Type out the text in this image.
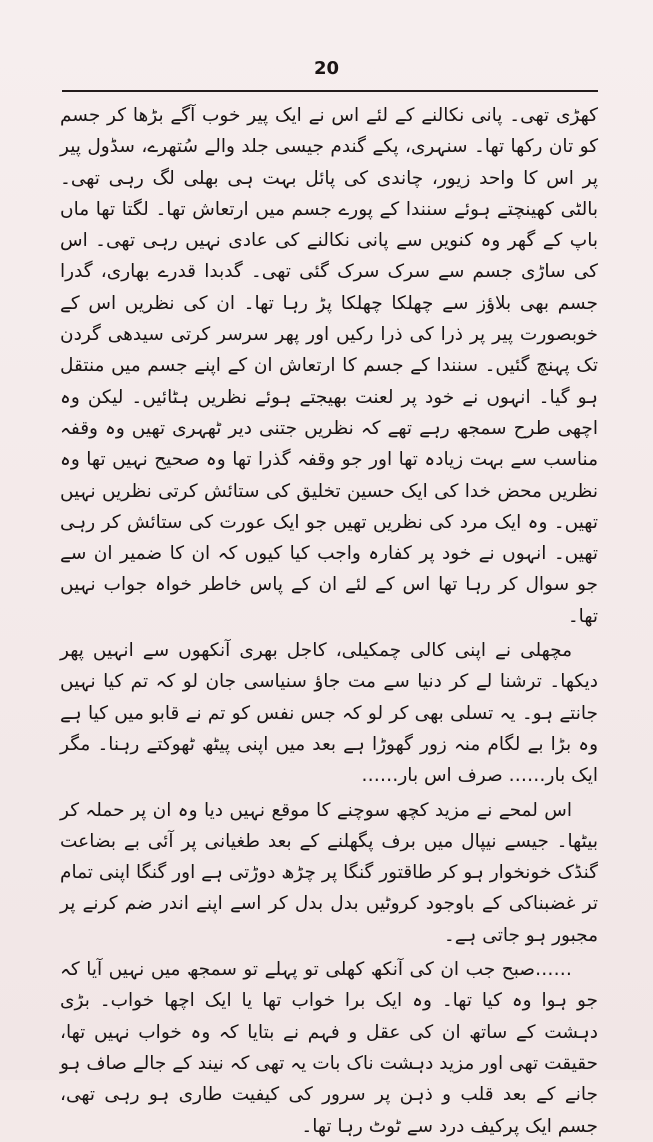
20

کھڑی تھی۔ پانی نکالنے کے لئے اس نے ایک پیر خوب آگے بڑھا کر جسم کو تان رکھا تھا۔ سنہری، پکے گندم جیسی جلد والے سُتھرے، سڈول پیر پر اس کا واحد زیور، چاندی کی پائل بہت ہی بھلی لگ رہی تھی۔ بالٹی کھینچتے ہوئے سنندا کے پورے جسم میں ارتعاش تھا۔ لگتا تھا ماں باپ کے گھر وہ کنویں سے پانی نکالنے کی عادی نہیں رہی تھی۔ اس کی ساڑی جسم سے سرک سرک گئی تھی۔ گدبدا قدرے بھاری، گدرا جسم بھی بلاؤز سے چھلکا چھلکا پڑ رہا تھا۔ ان کی نظریں اس کے خوبصورت پیر پر ذرا کی ذرا رکیں اور پھر سرسر کرتی سیدھی گردن تک پہنچ گئیں۔ سنندا کے جسم کا ارتعاش ان کے اپنے جسم میں منتقل ہو گیا۔ انہوں نے خود پر لعنت بھیجتے ہوئے نظریں ہٹائیں۔ لیکن وہ اچھی طرح سمجھ رہے تھے کہ نظریں جتنی دیر ٹھہری تھیں وہ وقفہ مناسب سے بہت زیادہ تھا اور جو وقفہ گذرا تھا وہ صحیح نہیں تھا وہ نظریں محض خدا کی ایک حسین تخلیق کی ستائش کرتی نظریں نہیں تھیں۔ وہ ایک مرد کی نظریں تھیں جو ایک عورت کی ستائش کر رہی تھیں۔ انہوں نے خود پر کفارہ واجب کیا کیوں کہ ان کا ضمیر ان سے جو سوال کر رہا تھا اس کے لئے ان کے پاس خاطر خواہ جواب نہیں تھا۔

مچھلی نے اپنی کالی چمکیلی، کاجل بھری آنکھوں سے انہیں پھر دیکھا۔ ترشنا لے کر دنیا سے مت جاؤ سنیاسی جان لو کہ تم کیا نہیں جانتے ہو۔ یہ تسلی بھی کر لو کہ جس نفس کو تم نے قابو میں کیا ہے وہ بڑا بے لگام منہ زور گھوڑا ہے بعد میں اپنی پیٹھ ٹھوکتے رہنا۔ مگر ایک بار…… صرف اس بار……

اس لمحے نے مزید کچھ سوچنے کا موقع نہیں دیا وہ ان پر حملہ کر بیٹھا۔ جیسے نیپال میں برف پگھلنے کے بعد طغیانی پر آئی بے بضاعت گنڈک خونخوار ہو کر طاقتور گنگا پر چڑھ دوڑتی ہے اور گنگا اپنی تمام تر غضبناکی کے باوجود کروٹیں بدل بدل کر اسے اپنے اندر ضم کرنے پر مجبور ہو جاتی ہے۔

……صبح جب ان کی آنکھ کھلی تو پہلے تو سمجھ میں نہیں آیا کہ جو ہوا وہ کیا تھا۔ وہ ایک برا خواب تھا یا ایک اچھا خواب۔ بڑی دہشت کے ساتھ ان کی عقل و فہم نے بتایا کہ وہ خواب نہیں تھا، حقیقت تھی اور مزید دہشت ناک بات یہ تھی کہ نیند کے جالے صاف ہو جانے کے بعد قلب و ذہن پر سرور کی کیفیت طاری ہو رہی تھی، جسم ایک پرکیف درد سے ٹوٹ رہا تھا۔
